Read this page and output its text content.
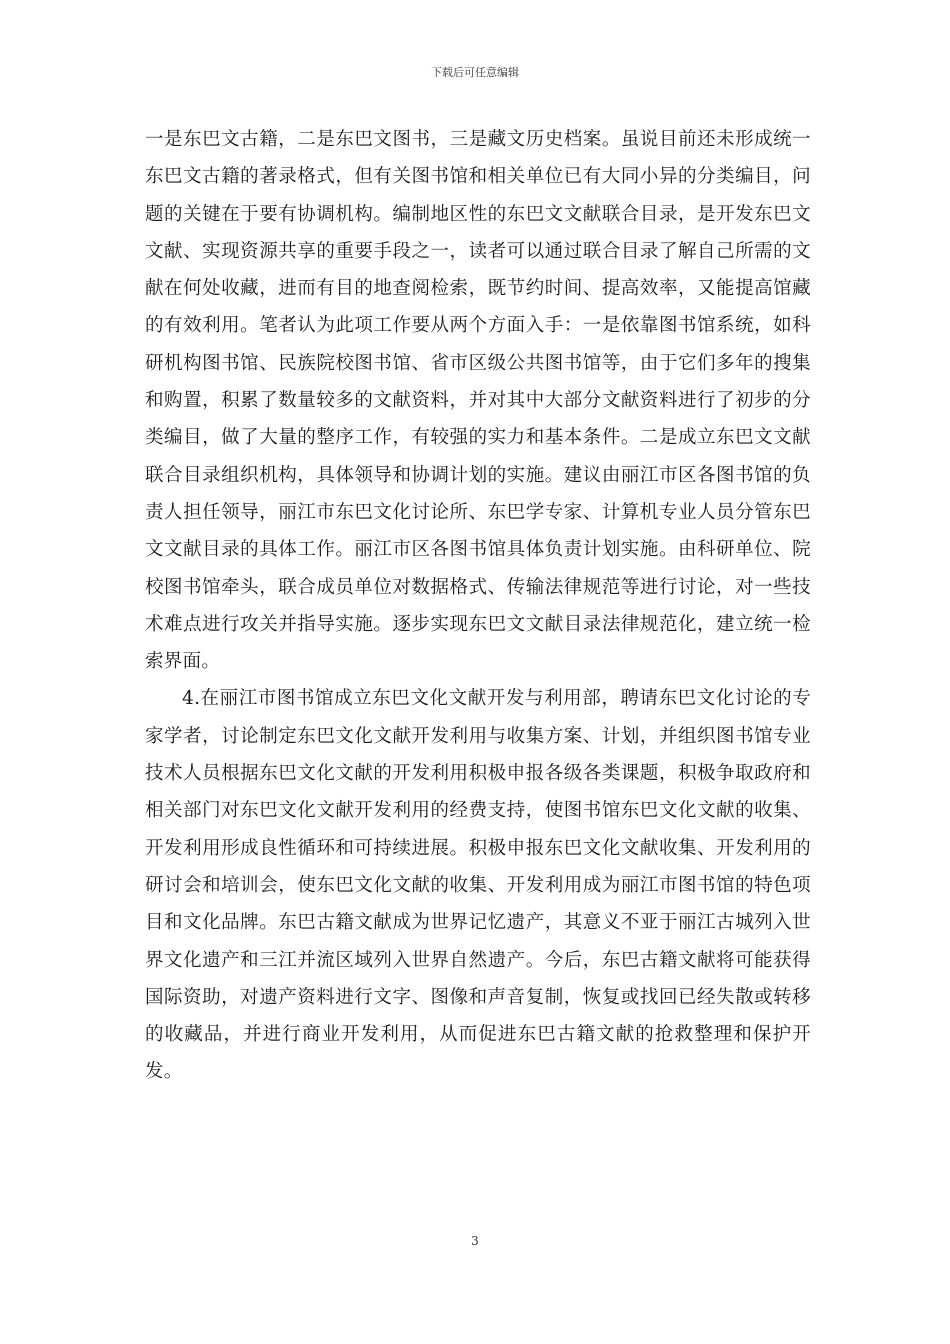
下载后可任意编辑

一是东巴文古籍，二是东巴文图书，三是藏文历史档案。虽说目前还未形成统一东巴文古籍的著录格式，但有关图书馆和相关单位已有大同小异的分类编目，问题的关键在于要有协调机构。编制地区性的东巴文文献联合目录，是开发东巴文文献、实现资源共享的重要手段之一，读者可以通过联合目录了解自己所需的文献在何处收藏，进而有目的地查阅检索，既节约时间、提高效率，又能提高馆藏的有效利用。笔者认为此项工作要从两个方面入手：一是依靠图书馆系统，如科研机构图书馆、民族院校图书馆、省市区级公共图书馆等，由于它们多年的搜集和购置，积累了数量较多的文献资料，并对其中大部分文献资料进行了初步的分类编目，做了大量的整序工作，有较强的实力和基本条件。二是成立东巴文文献联合目录组织机构，具体领导和协调计划的实施。建议由丽江市区各图书馆的负责人担任领导，丽江市东巴文化讨论所、东巴学专家、计算机专业人员分管东巴文文献目录的具体工作。丽江市区各图书馆具体负责计划实施。由科研单位、院校图书馆牵头，联合成员单位对数据格式、传输法律规范等进行讨论，对一些技术难点进行攻关并指导实施。逐步实现东巴文文献目录法律规范化，建立统一检索界面。

4.在丽江市图书馆成立东巴文化文献开发与利用部，聘请东巴文化讨论的专家学者，讨论制定东巴文化文献开发利用与收集方案、计划，并组织图书馆专业技术人员根据东巴文化文献的开发利用积极申报各级各类课题，积极争取政府和相关部门对东巴文化文献开发利用的经费支持，使图书馆东巴文化文献的收集、开发利用形成良性循环和可持续进展。积极申报东巴文化文献收集、开发利用的研讨会和培训会，使东巴文化文献的收集、开发利用成为丽江市图书馆的特色项目和文化品牌。东巴古籍文献成为世界记忆遗产，其意义不亚于丽江古城列入世界文化遗产和三江并流区域列入世界自然遗产。今后，东巴古籍文献将可能获得国际资助，对遗产资料进行文字、图像和声音复制，恢复或找回已经失散或转移的收藏品，并进行商业开发利用，从而促进东巴古籍文献的抢救整理和保护开发。

3
